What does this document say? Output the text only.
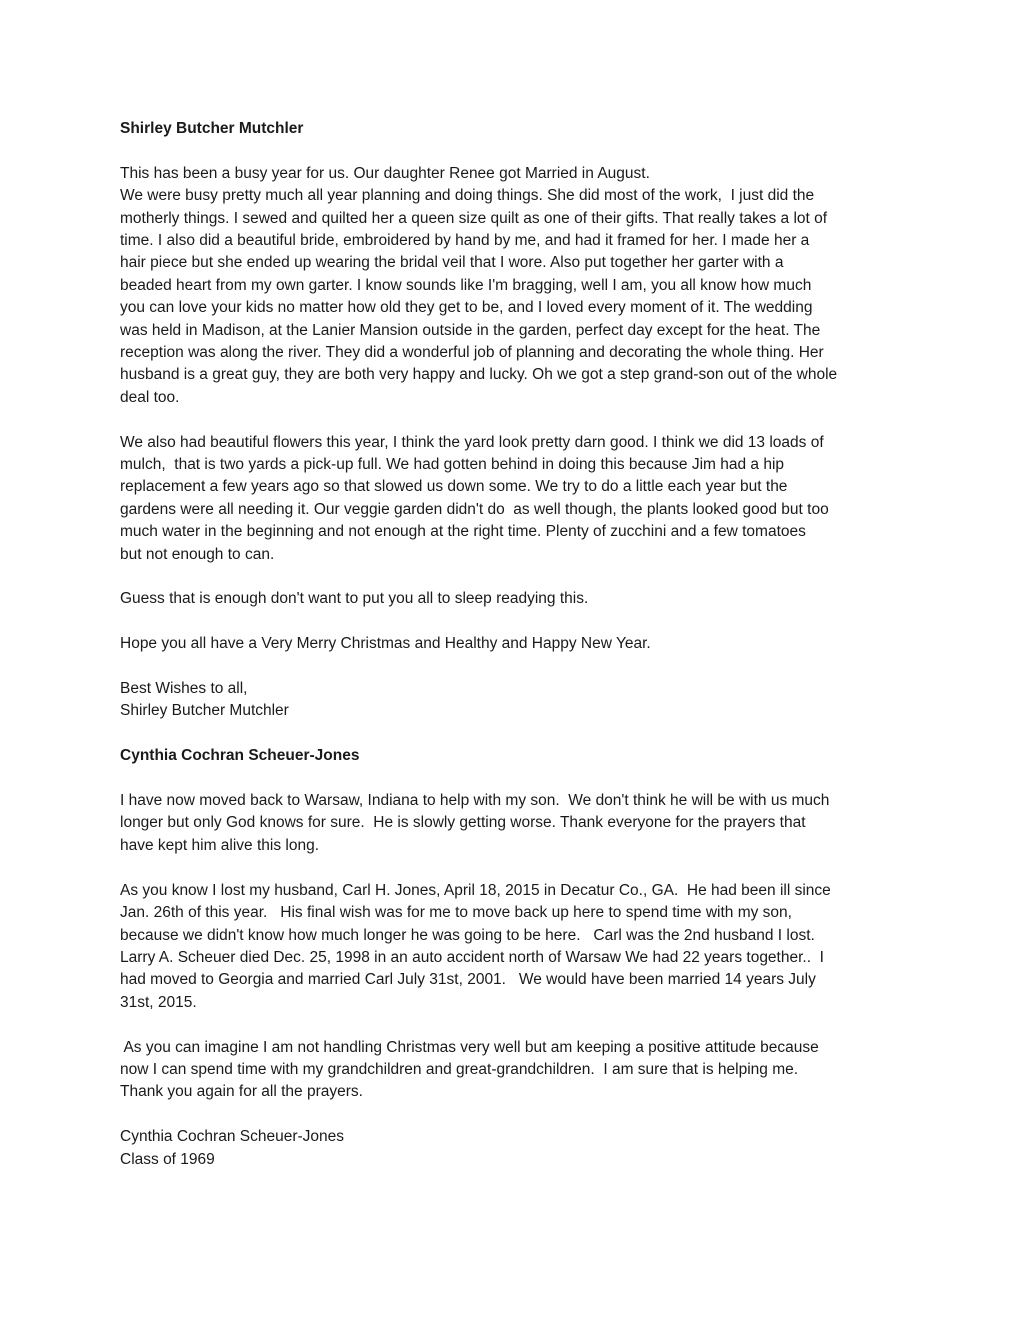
Shirley Butcher Mutchler
This has been a busy year for us. Our daughter Renee got Married in August.
We were busy pretty much all year planning and doing things. She did most of the work,  I just did the
motherly things. I sewed and quilted her a queen size quilt as one of their gifts. That really takes a lot of
time. I also did a beautiful bride, embroidered by hand by me, and had it framed for her. I made her a
hair piece but she ended up wearing the bridal veil that I wore. Also put together her garter with a
beaded heart from my own garter. I know sounds like I'm bragging, well I am, you all know how much
you can love your kids no matter how old they get to be, and I loved every moment of it. The wedding
was held in Madison, at the Lanier Mansion outside in the garden, perfect day except for the heat. The
reception was along the river. They did a wonderful job of planning and decorating the whole thing. Her
husband is a great guy, they are both very happy and lucky. Oh we got a step grand-son out of the whole
deal too.
We also had beautiful flowers this year, I think the yard look pretty darn good. I think we did 13 loads of
mulch,  that is two yards a pick-up full. We had gotten behind in doing this because Jim had a hip
replacement a few years ago so that slowed us down some. We try to do a little each year but the
gardens were all needing it. Our veggie garden didn't do  as well though, the plants looked good but too
much water in the beginning and not enough at the right time. Plenty of zucchini and a few tomatoes
but not enough to can.
Guess that is enough don't want to put you all to sleep readying this.
Hope you all have a Very Merry Christmas and Healthy and Happy New Year.
Best Wishes to all,
Shirley Butcher Mutchler
Cynthia Cochran Scheuer-Jones
I have now moved back to Warsaw, Indiana to help with my son.  We don't think he will be with us much
longer but only God knows for sure.  He is slowly getting worse. Thank everyone for the prayers that
have kept him alive this long.
As you know I lost my husband, Carl H. Jones, April 18, 2015 in Decatur Co., GA.  He had been ill since
Jan. 26th of this year.   His final wish was for me to move back up here to spend time with my son,
because we didn't know how much longer he was going to be here.   Carl was the 2nd husband I lost.
Larry A. Scheuer died Dec. 25, 1998 in an auto accident north of Warsaw We had 22 years together..  I
had moved to Georgia and married Carl July 31st, 2001.   We would have been married 14 years July
31st, 2015.
As you can imagine I am not handling Christmas very well but am keeping a positive attitude because
now I can spend time with my grandchildren and great-grandchildren.  I am sure that is helping me.
Thank you again for all the prayers.
Cynthia Cochran Scheuer-Jones
Class of 1969
